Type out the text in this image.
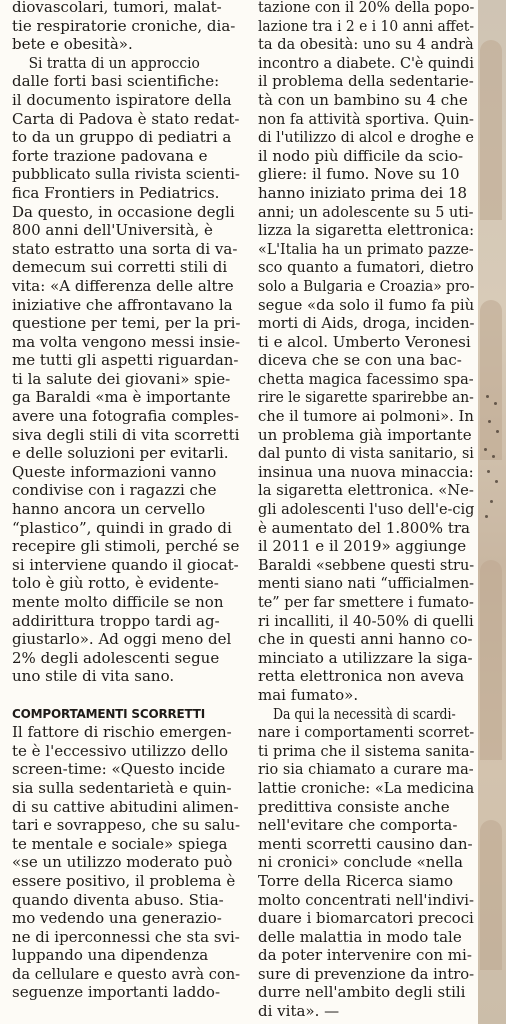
diovascolari, tumori, malat-
tie respiratorie croniche, dia-
bete e obesità».
Si tratta di un approccio
dalle forti basi scientifiche:
il documento ispiratore della
Carta di Padova è stato redat-
to da un gruppo di pediatri a
forte trazione padovana e
pubblicato sulla rivista scienti-
fica Frontiers in Pediatrics.
Da questo, in occasione degli
800 anni dell'Università, è
stato estratto una sorta di va-
demecum sui corretti stili di
vita: «A differenza delle altre
iniziative che affrontavano la
questione per temi, per la pri-
ma volta vengono messi insie-
me tutti gli aspetti riguardan-
ti la salute dei giovani» spie-
ga Baraldi «ma è importante
avere una fotografia comples-
siva degli stili di vita scorretti
e delle soluzioni per evitarli.
Queste informazioni vanno
condivise con i ragazzi che
hanno ancora un cervello
“plastico”, quindi in grado di
recepire gli stimoli, perché se
si interviene quando il giocat-
tolo è giù rotto, è evidente-
mente molto difficile se non
addirittura troppo tardi ag-
giustarlo». Ad oggi meno del
2% degli adolescenti segue
uno stile di vita sano.
COMPORTAMENTI SCORRETTI
Il fattore di rischio emergen-
te è l'eccessivo utilizzo dello
screen-time: «Questo incide
sia sulla sedentarietà e quin-
di su cattive abitudini alimen-
tari e sovrappeso, che su salu-
te mentale e sociale» spiega
«se un utilizzo moderato può
essere positivo, il problema è
quando diventa abuso. Stia-
mo vedendo una generazio-
ne di iperconnessi che sta svi-
luppando una dipendenza
da cellulare e questo avrà con-
seguenze importanti laddo-
tazione con il 20% della popo-
lazione tra i 2 e i 10 anni affet-
ta da obesità: uno su 4 andrà
incontro a diabete. C'è quindi
il problema della sedentarie-
tà con un bambino su 4 che
non fa attività sportiva. Quin-
di l'utilizzo di alcol e droghe e
il nodo più difficile da scio-
gliere: il fumo. Nove su 10
hanno iniziato prima dei 18
anni; un adolescente su 5 uti-
lizza la sigaretta elettronica:
«L'Italia ha un primato pazze-
sco quanto a fumatori, dietro
solo a Bulgaria e Croazia» pro-
segue «da solo il fumo fa più
morti di Aids, droga, inciden-
ti e alcol. Umberto Veronesi
diceva che se con una bac-
chetta magica facessimo spa-
rire le sigarette sparirebbe an-
che il tumore ai polmoni». In
un problema già importante
dal punto di vista sanitario, si
insinua una nuova minaccia:
la sigaretta elettronica. «Ne-
gli adolescenti l'uso dell'e-cig
è aumentato del 1.800% tra
il 2011 e il 2019» aggiunge
Baraldi «sebbene questi stru-
menti siano nati “ufficialmen-
te” per far smettere i fumato-
ri incalliti, il 40-50% di quelli
che in questi anni hanno co-
minciato a utilizzare la siga-
retta elettronica non aveva
mai fumato».
Da qui la necessità di scardi-
nare i comportamenti scorret-
ti prima che il sistema sanita-
rio sia chiamato a curare ma-
lattie croniche: «La medicina
predittiva consiste anche
nell'evitare che comporta-
menti scorretti causino dan-
ni cronici» conclude «nella
Torre della Ricerca siamo
molto concentrati nell'indivi-
duare i biomarcatori precoci
delle malattia in modo tale
da poter intervenire con mi-
sure di prevenzione da intro-
durre nell'ambito degli stili
di vita». —
